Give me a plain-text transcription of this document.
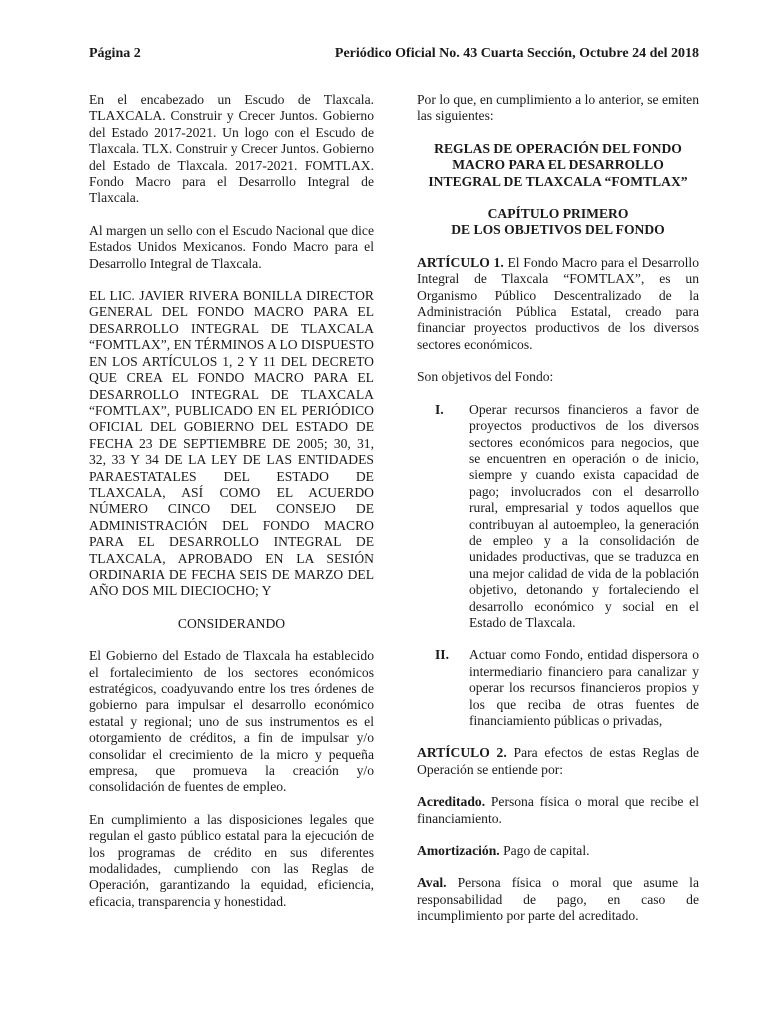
Página 2	Periódico Oficial No. 43 Cuarta Sección, Octubre 24 del 2018

En el encabezado un Escudo de Tlaxcala. TLAXCALA. Construir y Crecer Juntos. Gobierno del Estado 2017-2021. Un logo con el Escudo de Tlaxcala. TLX. Construir y Crecer Juntos. Gobierno del Estado de Tlaxcala. 2017-2021. FOMTLAX. Fondo Macro para el Desarrollo Integral de Tlaxcala.

Al margen un sello con el Escudo Nacional que dice Estados Unidos Mexicanos. Fondo Macro para el Desarrollo Integral de Tlaxcala.

EL LIC. JAVIER RIVERA BONILLA DIRECTOR GENERAL DEL FONDO MACRO PARA EL DESARROLLO INTEGRAL DE TLAXCALA “FOMTLAX”, EN TÉRMINOS A LO DISPUESTO EN LOS ARTÍCULOS 1, 2 Y 11 DEL DECRETO QUE CREA EL FONDO MACRO PARA EL DESARROLLO INTEGRAL DE TLAXCALA “FOMTLAX”, PUBLICADO EN EL PERIÓDICO OFICIAL DEL GOBIERNO DEL ESTADO DE FECHA 23 DE SEPTIEMBRE DE 2005; 30, 31, 32, 33 Y 34 DE LA LEY DE LAS ENTIDADES PARAESTATALES DEL ESTADO DE TLAXCALA, ASÍ COMO EL ACUERDO NÚMERO CINCO DEL CONSEJO DE ADMINISTRACIÓN DEL FONDO MACRO PARA EL DESARROLLO INTEGRAL DE TLAXCALA, APROBADO EN LA SESIÓN ORDINARIA DE FECHA SEIS DE MARZO DEL AÑO DOS MIL DIECIOCHO; Y

CONSIDERANDO

El Gobierno del Estado de Tlaxcala ha establecido el fortalecimiento de los sectores económicos estratégicos, coadyuvando entre los tres órdenes de gobierno para impulsar el desarrollo económico estatal y regional; uno de sus instrumentos es el otorgamiento de créditos, a fin de impulsar y/o consolidar el crecimiento de la micro y pequeña empresa, que promueva la creación y/o consolidación de fuentes de empleo.

En cumplimiento a las disposiciones legales que regulan el gasto público estatal para la ejecución de los programas de crédito en sus diferentes modalidades, cumpliendo con las Reglas de Operación, garantizando la equidad, eficiencia, eficacia, transparencia y honestidad.

Por lo que, en cumplimiento a lo anterior, se emiten las siguientes:

REGLAS DE OPERACIÓN DEL FONDO
MACRO PARA EL DESARROLLO
INTEGRAL DE TLAXCALA “FOMTLAX”
CAPÍTULO PRIMERO
DE LOS OBJETIVOS DEL FONDO

ARTÍCULO 1. El Fondo Macro para el Desarrollo Integral de Tlaxcala “FOMTLAX”, es un Organismo Público Descentralizado de la Administración Pública Estatal, creado para financiar proyectos productivos de los diversos sectores económicos.

Son objetivos del Fondo:

I.	Operar recursos financieros a favor de proyectos productivos de los diversos sectores económicos para negocios, que se encuentren en operación o de inicio, siempre y cuando exista capacidad de pago; involucrados con el desarrollo rural, empresarial y todos aquellos que contribuyan al autoempleo, la generación de empleo y a la consolidación de unidades productivas, que se traduzca en una mejor calidad de vida de la población objetivo, detonando y fortaleciendo el desarrollo económico y social en el Estado de Tlaxcala.
II.	Actuar como Fondo, entidad dispersora o intermediario financiero para canalizar y operar los recursos financieros propios y los que reciba de otras fuentes de financiamiento públicas o privadas,

ARTÍCULO 2. Para efectos de estas Reglas de Operación se entiende por:

Acreditado. Persona física o moral que recibe el financiamiento.

Amortización. Pago de capital.

Aval. Persona física o moral que asume la responsabilidad de pago, en caso de incumplimiento por parte del acreditado.
